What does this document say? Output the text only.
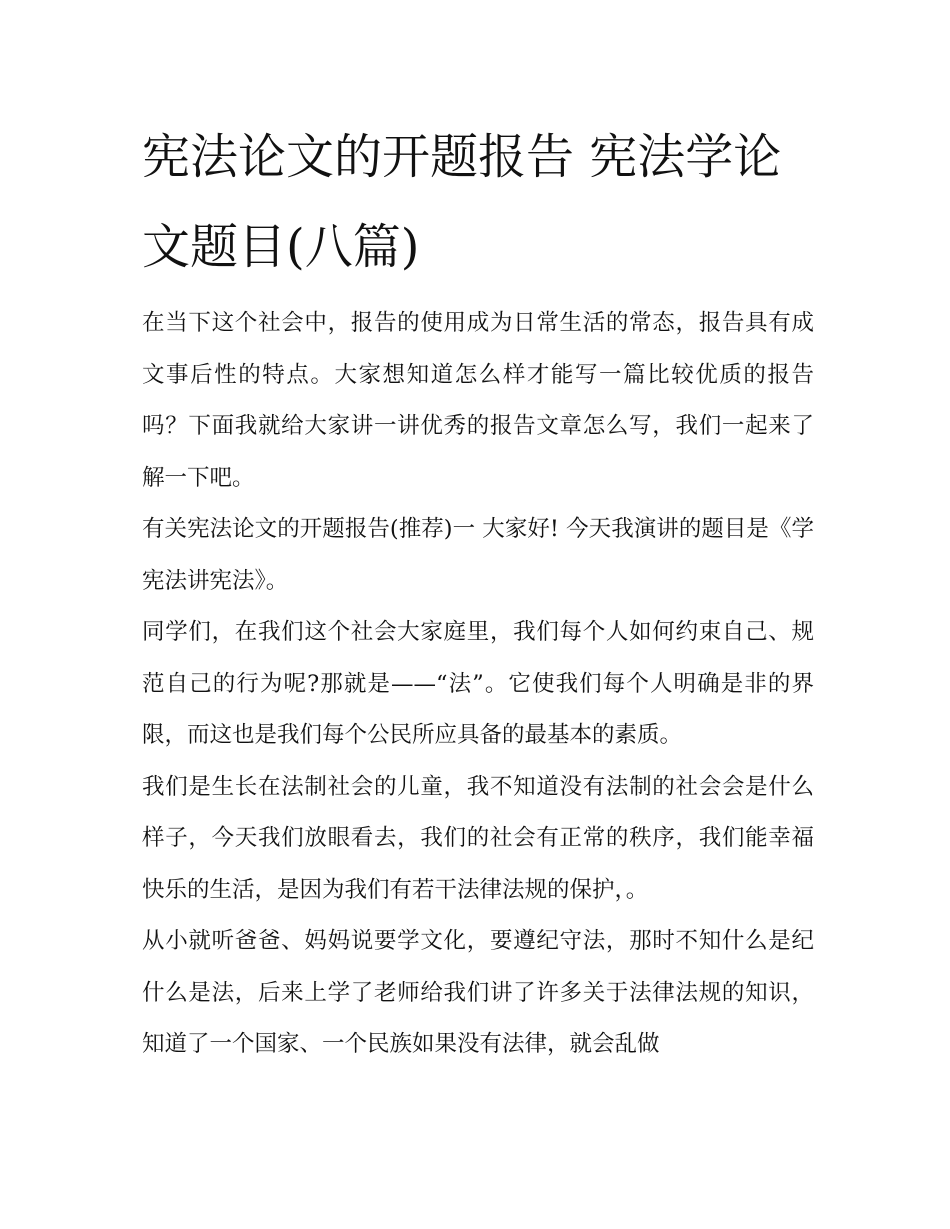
宪法论文的开题报告 宪法学论文题目(八篇)

在当下这个社会中，报告的使用成为日常生活的常态，报告具有成文事后性的特点。大家想知道怎么样才能写一篇比较优质的报告吗？下面我就给大家讲一讲优秀的报告文章怎么写，我们一起来了解一下吧。

有关宪法论文的开题报告(推荐)一 大家好! 今天我演讲的题目是《学宪法讲宪法》。

同学们，在我们这个社会大家庭里，我们每个人如何约束自己、规范自己的行为呢?那就是——“法”。它使我们每个人明确是非的界限，而这也是我们每个公民所应具备的最基本的素质。

我们是生长在法制社会的儿童，我不知道没有法制的社会会是什么样子，今天我们放眼看去，我们的社会有正常的秩序，我们能幸福快乐的生活，是因为我们有若干法律法规的保护，。

从小就听爸爸、妈妈说要学文化，要遵纪守法，那时不知什么是纪什么是法，后来上学了老师给我们讲了许多关于法律法规的知识，知道了一个国家、一个民族如果没有法律，就会乱做
